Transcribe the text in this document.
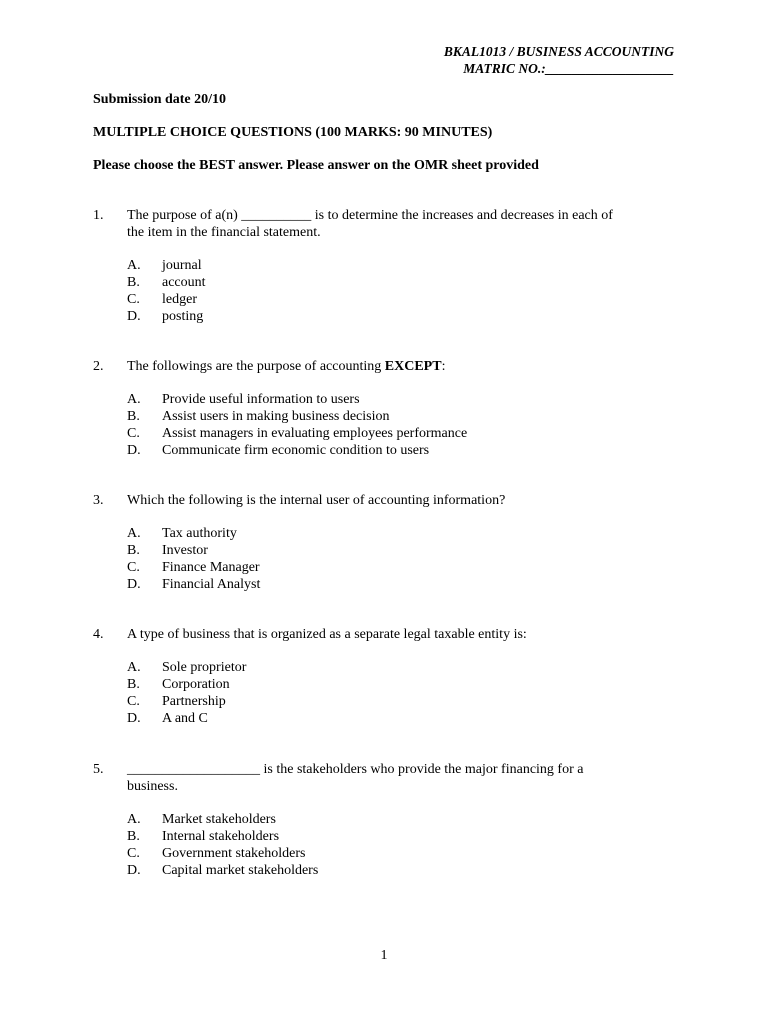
BKAL1013 / BUSINESS ACCOUNTING
MATRIC NO.:___________________
Submission date 20/10
MULTIPLE CHOICE QUESTIONS (100 MARKS: 90 MINUTES)
Please choose the BEST answer. Please answer on the OMR sheet provided
1.	The purpose of a(n) __________ is to determine the increases and decreases in each of
the item in the financial statement.
A.	journal
B.	account
C.	ledger
D.	posting
2.	The followings are the purpose of accounting EXCEPT:
A.	Provide useful information to users
B.	Assist users in making business decision
C.	Assist managers in evaluating employees performance
D.	Communicate firm economic condition to users
3.	Which the following is the internal user of accounting information?
A.	Tax authority
B.	Investor
C.	Finance Manager
D.	Financial Analyst
4.	A type of business that is organized as a separate legal taxable entity is:
A.	Sole proprietor
B.	Corporation
C.	Partnership
D.	A and C
5.	___________________ is the stakeholders who provide the major financing for a
business.
A.	Market stakeholders
B.	Internal stakeholders
C.	Government stakeholders
D.	Capital market stakeholders
1
